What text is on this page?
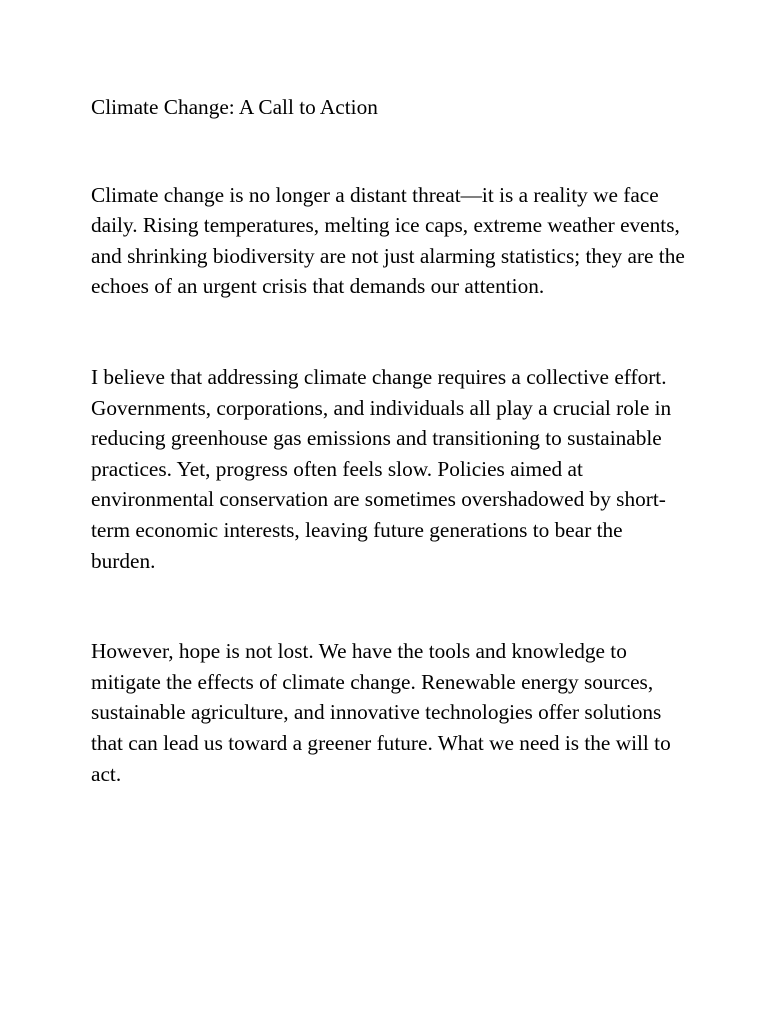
Climate Change: A Call to Action

Climate change is no longer a distant threat—it is a reality we face daily. Rising temperatures, melting ice caps, extreme weather events, and shrinking biodiversity are not just alarming statistics; they are the echoes of an urgent crisis that demands our attention.

I believe that addressing climate change requires a collective effort. Governments, corporations, and individuals all play a crucial role in reducing greenhouse gas emissions and transitioning to sustainable practices. Yet, progress often feels slow. Policies aimed at environmental conservation are sometimes overshadowed by short-term economic interests, leaving future generations to bear the burden.

However, hope is not lost. We have the tools and knowledge to mitigate the effects of climate change. Renewable energy sources, sustainable agriculture, and innovative technologies offer solutions that can lead us toward a greener future. What we need is the will to act.
